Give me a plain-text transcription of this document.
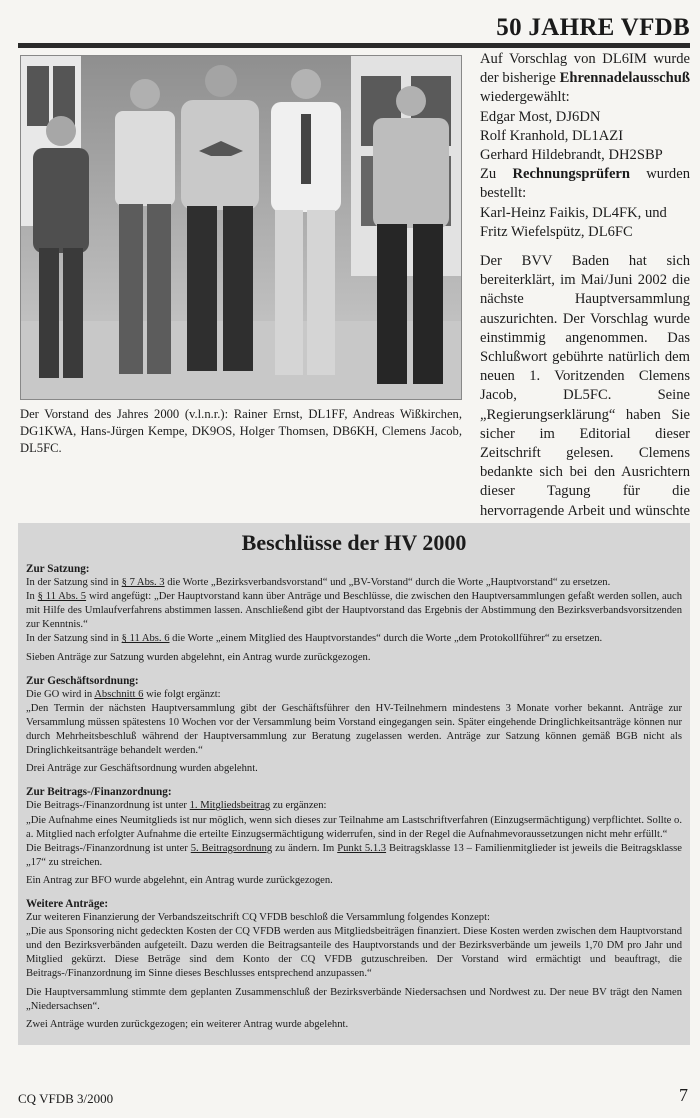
50 JAHRE VFDB
Der Vorstand des Jahres 2000 (v.l.n.r.): Rainer Ernst, DL1FF, Andreas Wißkirchen, DG1KWA, Hans-Jürgen Kempe, DK9OS, Holger Thomsen, DB6KH, Clemens Jacob, DL5FC.

Auf Vorschlag von DL6IM wurde der bisherige Ehrennadelausschuß wiedergewählt:
Edgar Most, DJ6DN
Rolf Kranhold, DL1AZI
Gerhard Hildebrandt, DH2SBP
Zu Rechnungsprüfern wurden bestellt:
Karl-Heinz Faikis, DL4FK, und
Fritz Wiefelspütz, DL6FC

Der BVV Baden hat sich bereiterklärt, im Mai/Juni 2002 die nächste Hauptversammlung auszurichten. Der Vorschlag wurde einstimmig angenommen. Das Schlußwort gebührte natürlich dem neuen 1. Voritzenden Clemens Jacob, DL5FC. Seine „Regierungserklärung“ haben Sie sicher im Editorial dieser Zeitschrift gelesen. Clemens bedankte sich bei den Ausrichtern dieser Tagung für die hervorragende Arbeit und wünschte

Beschlüsse der HV 2000
Zur Satzung:

In der Satzung sind in § 7 Abs. 3 die Worte „Bezirksverbandsvorstand“ und „BV-Vorstand“ durch die Worte „Hauptvorstand“ zu ersetzen.
In § 11 Abs. 5 wird angefügt: „Der Hauptvorstand kann über Anträge und Beschlüsse, die zwischen den Hauptversammlungen gefaßt werden sollen, auch mit Hilfe des Umlaufverfahrens abstimmen lassen. Anschließend gibt der Hauptvorstand das Ergebnis der Abstimmung den Bezirksverbandsvorsitzenden zur Kenntnis.“
In der Satzung sind in § 11 Abs. 6 die Worte „einem Mitglied des Hauptvorstandes“ durch die Worte „dem Protokollführer“ zu ersetzen.

Sieben Anträge zur Satzung wurden abgelehnt, ein Antrag wurde zurückgezogen.

Zur Geschäftsordnung:

Die GO wird in Abschnitt 6 wie folgt ergänzt:
„Den Termin der nächsten Hauptversammlung gibt der Geschäftsführer den HV-Teilnehmern mindestens 3 Monate vorher bekannt. Anträge zur Versammlung müssen spätestens 10 Wochen vor der Versammlung beim Vorstand eingegangen sein. Später eingehende Dringlichkeitsanträge können nur durch Mehrheitsbeschluß während der Hauptversammlung zur Beratung zugelassen werden. Anträge zur Satzung können gemäß BGB nicht als Dringlichkeitsanträge behandelt werden.“

Drei Anträge zur Geschäftsordnung wurden abgelehnt.

Zur Beitrags-/Finanzordnung:

Die Beitrags-/Finanzordnung ist unter 1. Mitgliedsbeitrag zu ergänzen:
„Die Aufnahme eines Neumitglieds ist nur möglich, wenn sich dieses zur Teilnahme am Lastschriftverfahren (Einzugsermächtigung) verpflichtet. Sollte o. a. Mitglied nach erfolgter Aufnahme die erteilte Einzugsermächtigung widerrufen, sind in der Regel die Aufnahmevoraussetzungen nicht mehr erfüllt.“
Die Beitrags-/Finanzordnung ist unter 5. Beitragsordnung zu ändern. Im Punkt 5.1.3 Beitragsklasse 13 – Familienmitglieder ist jeweils die Beitragsklasse „17“ zu streichen.

Ein Antrag zur BFO wurde abgelehnt, ein Antrag wurde zurückgezogen.

Weitere Anträge:

Zur weiteren Finanzierung der Verbandszeitschrift CQ VFDB beschloß die Versammlung folgendes Konzept:
„Die aus Sponsoring nicht gedeckten Kosten der CQ VFDB werden aus Mitgliedsbeiträgen finanziert. Diese Kosten werden zwischen dem Hauptvorstand und den Bezirksverbänden aufgeteilt. Dazu werden die Beitragsanteile des Hauptvorstands und der Bezirksverbände um jeweils 1,70 DM pro Jahr und Mitglied gekürzt. Diese Beträge sind dem Konto der CQ VFDB gutzuschreiben. Der Vorstand wird ermächtigt und beauftragt, die Beitrags-/Finanzordnung im Sinne dieses Beschlusses entsprechend anzupassen.“

Die Hauptversammlung stimmte dem geplanten Zusammenschluß der Bezirksverbände Niedersachsen und Nordwest zu. Der neue BV trägt den Namen „Niedersachsen“.

Zwei Anträge wurden zurückgezogen; ein weiterer Antrag wurde abgelehnt.

CQ VFDB 3/2000	7
